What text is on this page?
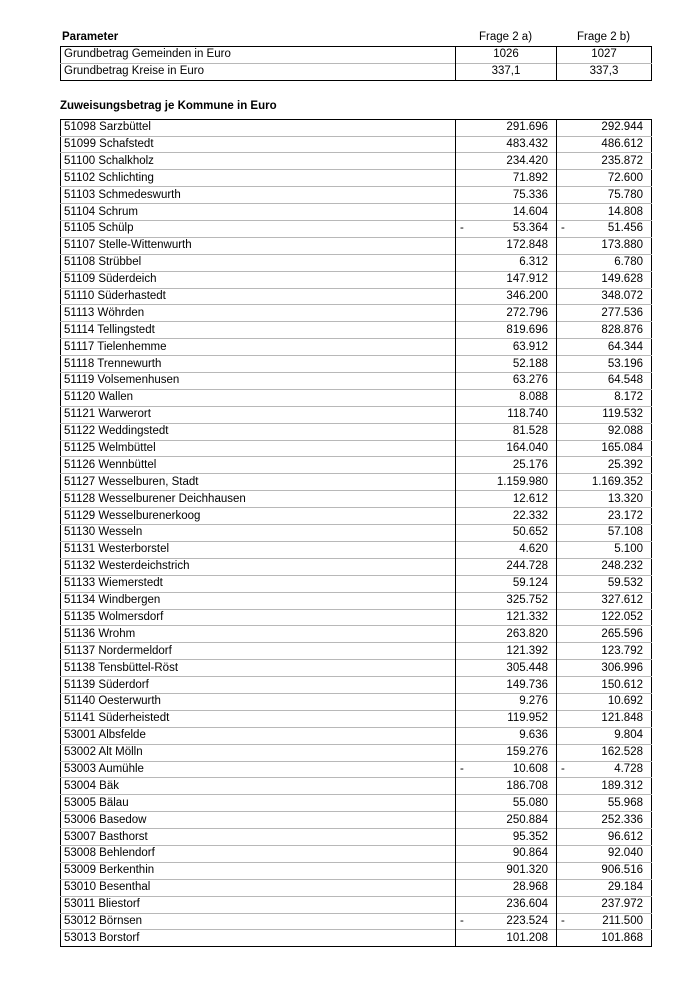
Parameter	Frage 2 a)	Frage 2 b)
Grundbetrag Gemeinden in Euro	1026	1027
Grundbetrag Kreise in Euro	337,1	337,3
Zuweisungsbetrag je Kommune in Euro
51098 Sarzbüttel	291.696	292.944
51099 Schafstedt	483.432	486.612
51100 Schalkholz	234.420	235.872
51102 Schlichting	71.892	72.600
51103 Schmedeswurth	75.336	75.780
51104 Schrum	14.604	14.808
51105 Schülp	- 53.364	- 51.456
51107 Stelle-Wittenwurth	172.848	173.880
51108 Strübbel	6.312	6.780
51109 Süderdeich	147.912	149.628
51110 Süderhastedt	346.200	348.072
51113 Wöhrden	272.796	277.536
51114 Tellingstedt	819.696	828.876
51117 Tielenhemme	63.912	64.344
51118 Trennewurth	52.188	53.196
51119 Volsemenhusen	63.276	64.548
51120 Wallen	8.088	8.172
51121 Warwerort	118.740	119.532
51122 Weddingstedt	81.528	92.088
51125 Welmbüttel	164.040	165.084
51126 Wennbüttel	25.176	25.392
51127 Wesselburen, Stadt	1.159.980	1.169.352
51128 Wesselburener Deichhausen	12.612	13.320
51129 Wesselburenerkoog	22.332	23.172
51130 Wesseln	50.652	57.108
51131 Westerborstel	4.620	5.100
51132 Westerdeichstrich	244.728	248.232
51133 Wiemerstedt	59.124	59.532
51134 Windbergen	325.752	327.612
51135 Wolmersdorf	121.332	122.052
51136 Wrohm	263.820	265.596
51137 Nordermeldorf	121.392	123.792
51138 Tensbüttel-Röst	305.448	306.996
51139 Süderdorf	149.736	150.612
51140 Oesterwurth	9.276	10.692
51141 Süderheistedt	119.952	121.848
53001 Albsfelde	9.636	9.804
53002 Alt Mölln	159.276	162.528
53003 Aumühle	- 10.608	- 4.728
53004 Bäk	186.708	189.312
53005 Bälau	55.080	55.968
53006 Basedow	250.884	252.336
53007 Basthorst	95.352	96.612
53008 Behlendorf	90.864	92.040
53009 Berkenthin	901.320	906.516
53010 Besenthal	28.968	29.184
53011 Bliestorf	236.604	237.972
53012 Börnsen	- 223.524	- 211.500
53013 Borstorf	101.208	101.868
